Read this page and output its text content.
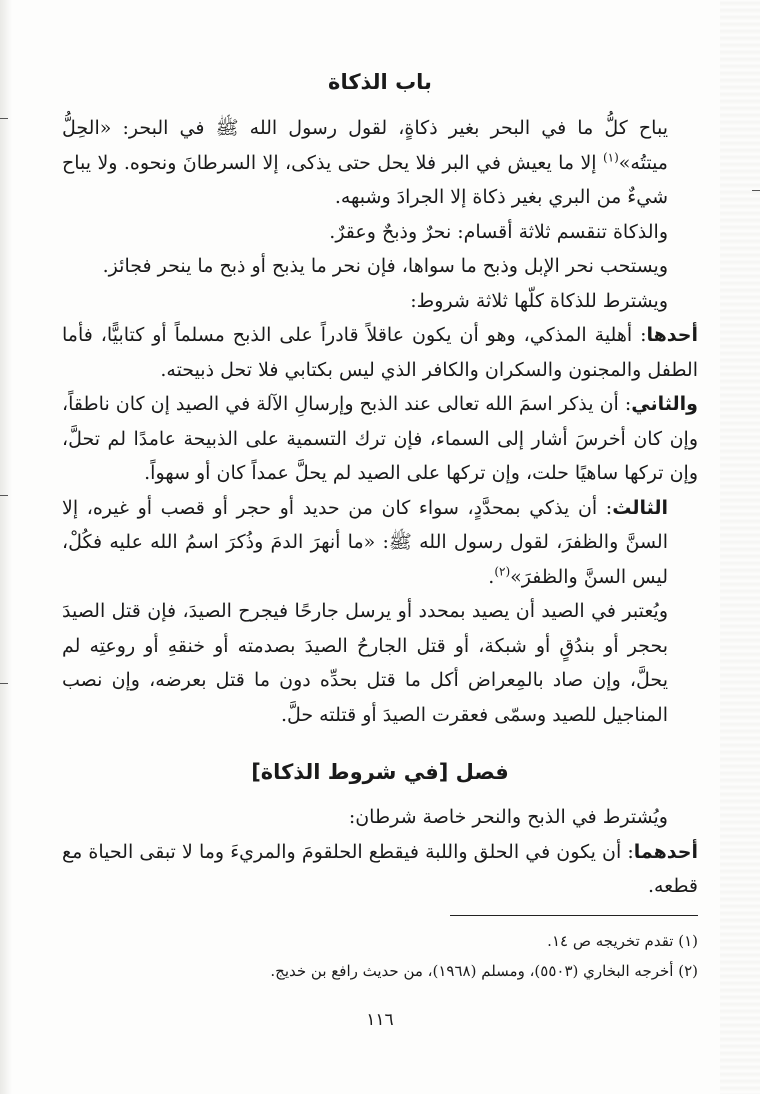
باب الذكاة

يباح كلُّ ما في البحر بغير ذكاةٍ، لقول رسول الله ﷺ في البحر: «الحِلُّ ميتتُه»$^{(١)}$ إلا ما يعيش في البر فلا يحل حتى يذكى، إلا السرطانَ ونحوه. ولا يباح شيءٌ من البري بغير ذكاة إلا الجرادَ وشبهه.

والذكاة تنقسم ثلاثة أقسام: نحرٌ وذبحٌ وعقرٌ.

ويستحب نحر الإبل وذبح ما سواها، فإن نحر ما يذبح أو ذبح ما ينحر فجائز.

ويشترط للذكاة كلّها ثلاثة شروط:

أحدها: أهلية المذكي، وهو أن يكون عاقلاً قادراً على الذبح مسلماً أو كتابيًّا، فأما الطفل والمجنون والسكران والكافر الذي ليس بكتابي فلا تحل ذبيحته.

والثاني: أن يذكر اسمَ الله تعالى عند الذبح وإرسالِ الآلة في الصيد إن كان ناطقاً، وإن كان أخرسَ أشار إلى السماء، فإن ترك التسمية على الذبيحة عامدًا لم تحلَّ، وإن تركها ساهيًا حلت، وإن تركها على الصيد لم يحلَّ عمداً كان أو سهواً.

الثالث: أن يذكي بمحدَّدٍ، سواء كان من حديد أو حجر أو قصب أو غيره، إلا السنَّ والظفرَ، لقول رسول الله ﷺ: «ما أنهرَ الدمَ وذُكرَ اسمُ الله عليه فكُلْ، ليس السنَّ والظفرَ»$^{(٢)}$.

ويُعتبر في الصيد أن يصيد بمحدد أو يرسل جارحًا فيجرح الصيدَ، فإن قتل الصيدَ بحجر أو بندُقٍ أو شبكة، أو قتل الجارحُ الصيدَ بصدمته أو خنقهِ أو روعتِه لم يحلَّ، وإن صاد بالمِعراض أكل ما قتل بحدِّه دون ما قتل بعرضه، وإن نصب المناجيل للصيد وسمّى فعقرت الصيدَ أو قتلته حلَّ.

فصل [في شروط الذكاة]

ويُشترط في الذبح والنحر خاصة شرطان:

أحدهما: أن يكون في الحلق واللبة فيقطع الحلقومَ والمريءَ وما لا تبقى الحياة مع قطعه.

(١) تقدم تخريجه ص ١٤.
(٢) أخرجه البخاري (٥٥٠٣)، ومسلم (١٩٦٨)، من حديث رافع بن خديج.
١١٦
